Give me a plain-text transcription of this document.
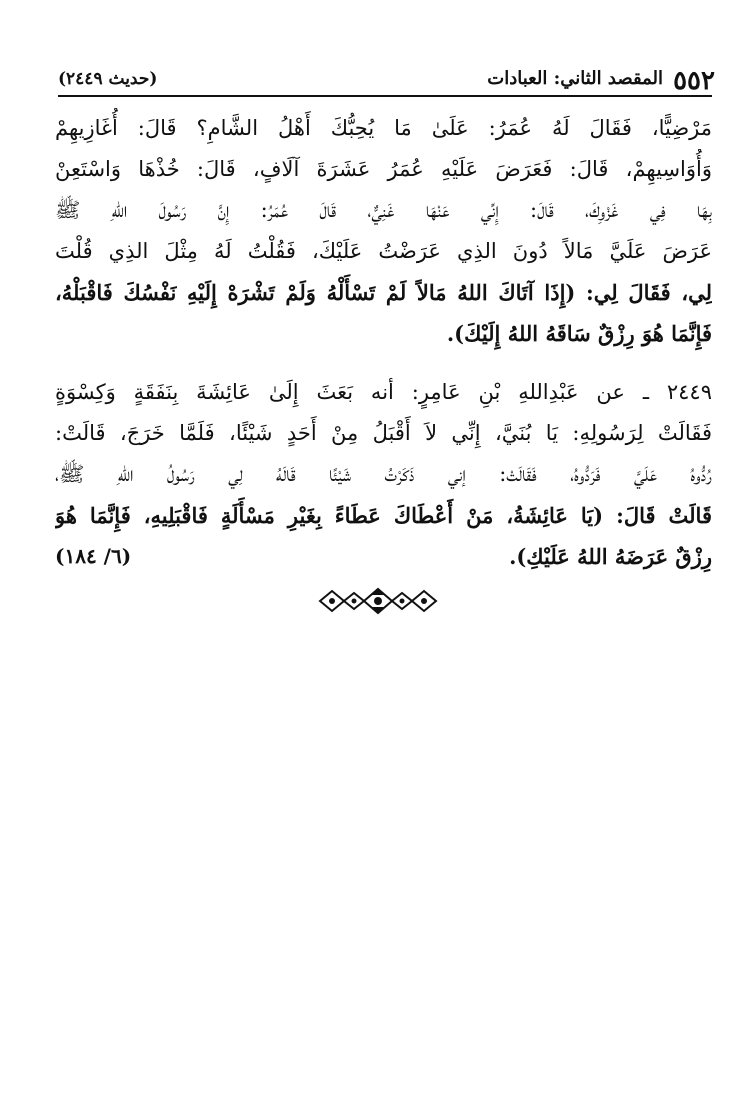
٥٥٢
المقصد الثاني: العبادات
(حديث ٢٤٤٩)
مَرْضِيًّا، فَقَالَ لَهُ عُمَرُ: عَلَىٰ مَا يُحِبُّكَ أَهْلُ الشَّامِ؟ قَالَ: أُغَازِيهِمْ
وَأُوَاسِيهِمْ، قَالَ: فَعَرَضَ عَلَيْهِ عُمَرُ عَشَرَةَ آلَافٍ، قَالَ: خُذْهَا وَاسْتَعِنْ
بِهَا فِي غَزْوِكَ، قَالَ: إِنِّي عَنْهَا غَنِيٌّ، قَالَ عُمَرُ: إِنَّ رَسُولَ اللهِ ﷺ
عَرَضَ عَلَيَّ مَالاً دُونَ الذِي عَرَضْتُ عَلَيْكَ، فَقُلْتُ لَهُ مِثْلَ الذِي قُلْتَ
لِي، فَقَالَ لِي: (إِذَا آتَاكَ اللهُ مَالاً لَمْ تَسْأَلْهُ وَلَمْ تَشْرَهْ إِلَيْهِ نَفْسُكَ فَاقْبَلْهُ،
فَإِنَّمَا هُوَ رِزْقٌ سَاقَهُ اللهُ إِلَيْكَ).
٢٤٤٩ ـ عن عَبْدِاللهِ بْنِ عَامِرٍ: أنه بَعَثَ إِلَىٰ عَائِشَةَ بِنَفَقَةٍ وَكِسْوَةٍ
فَقَالَتْ لِرَسُولِهِ: يَا بُنَيَّ، إِنِّي لاَ أَقْبَلُ مِنْ أَحَدٍ شَيْئًا، فَلَمَّا خَرَجَ، قَالَتْ:
رُدُّوهُ عَلَيَّ فَرَدُّوهُ، فَقَالَتْ: إني ذَكَرْتُ شَيْئًا قَالَهُ لِي رَسُولُ اللهِ ﷺ،
قَالَتْ قَالَ: (يَا عَائِشَةُ، مَنْ أَعْطَاكَ عَطَاءً بِغَيْرِ مَسْأَلَةٍ فَاقْبَلِيهِ، فَإِنَّمَا هُوَ
رِزْقٌ عَرَضَهُ اللهُ عَلَيْكِ).
(٦/ ١٨٤)
